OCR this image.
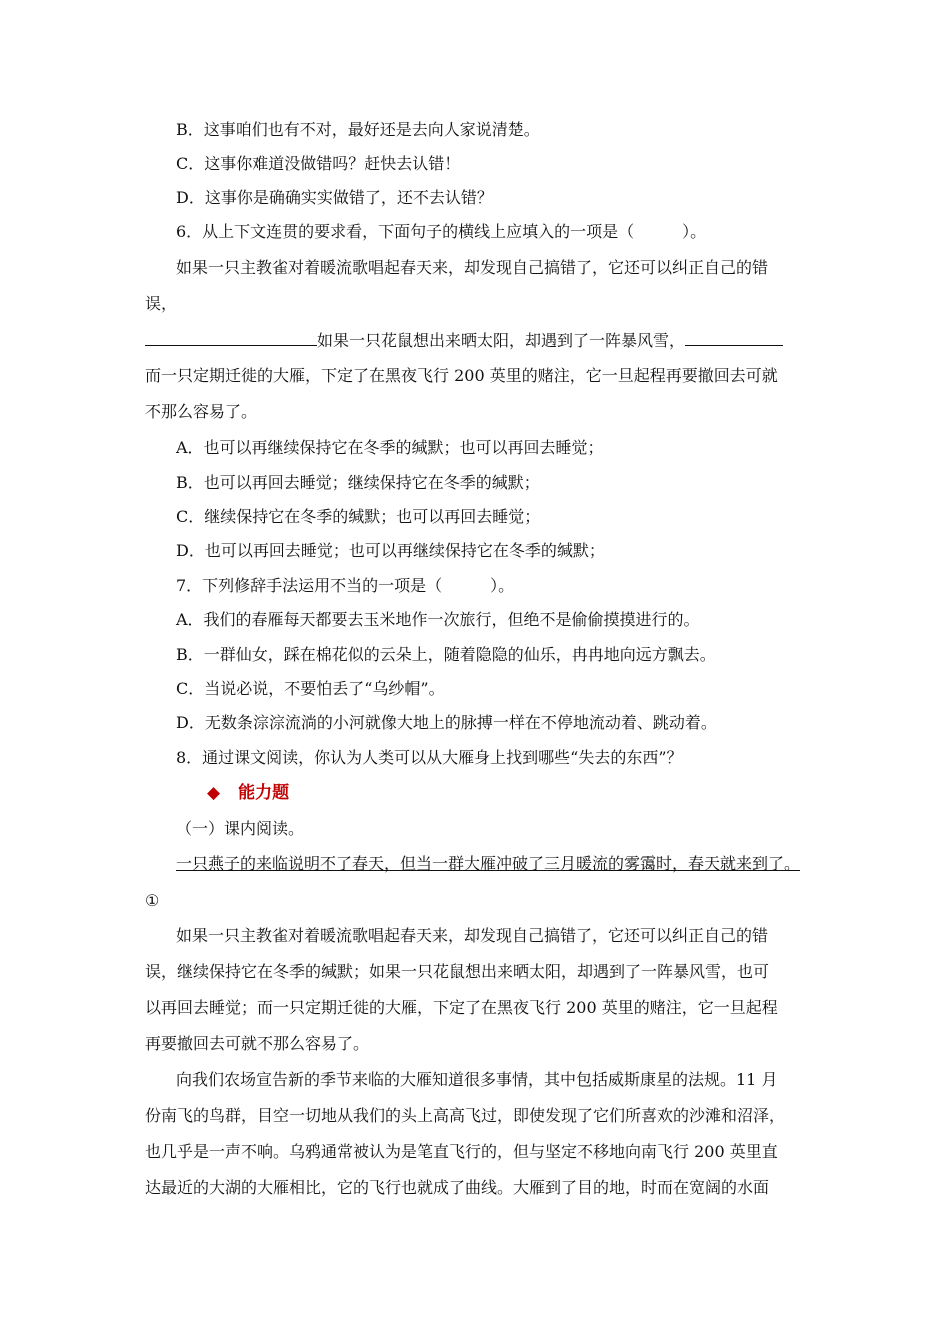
B．这事咱们也有不对，最好还是去向人家说清楚。
C．这事你难道没做错吗？赶快去认错！
D．这事你是确确实实做错了，还不去认错？
6．从上下文连贯的要求看，下面句子的横线上应填入的一项是（　　　）。
如果一只主教雀对着暖流歌唱起春天来，却发现自己搞错了，它还可以纠正自己的错
误，
如果一只花鼠想出来晒太阳，却遇到了一阵暴风雪，
而一只定期迁徙的大雁，下定了在黑夜飞行 200 英里的赌注，它一旦起程再要撤回去可就
不那么容易了。
A．也可以再继续保持它在冬季的缄默；也可以再回去睡觉；
B．也可以再回去睡觉；继续保持它在冬季的缄默；
C．继续保持它在冬季的缄默；也可以再回去睡觉；
D．也可以再回去睡觉；也可以再继续保持它在冬季的缄默；
7．下列修辞手法运用不当的一项是（　　　）。
A．我们的春雁每天都要去玉米地作一次旅行，但绝不是偷偷摸摸进行的。
B．一群仙女，踩在棉花似的云朵上，随着隐隐的仙乐，冉冉地向远方飘去。
C．当说必说，不要怕丢了“乌纱帽”。
D．无数条淙淙流淌的小河就像大地上的脉搏一样在不停地流动着、跳动着。
8．通过课文阅读，你认为人类可以从大雁身上找到哪些“失去的东西”？
◆ 能力题
（一）课内阅读。
一只燕子的来临说明不了春天，但当一群大雁冲破了三月暖流的雾霭时，春天就来到了。
①
如果一只主教雀对着暖流歌唱起春天来，却发现自己搞错了，它还可以纠正自己的错
误，继续保持它在冬季的缄默；如果一只花鼠想出来晒太阳，却遇到了一阵暴风雪，也可
以再回去睡觉；而一只定期迁徙的大雁，下定了在黑夜飞行 200 英里的赌注，它一旦起程
再要撤回去可就不那么容易了。
向我们农场宣告新的季节来临的大雁知道很多事情，其中包括威斯康星的法规。11 月
份南飞的鸟群，目空一切地从我们的头上高高飞过，即使发现了它们所喜欢的沙滩和沼泽，
也几乎是一声不响。乌鸦通常被认为是笔直飞行的，但与坚定不移地向南飞行 200 英里直
达最近的大湖的大雁相比，它的飞行也就成了曲线。大雁到了目的地，时而在宽阔的水面
